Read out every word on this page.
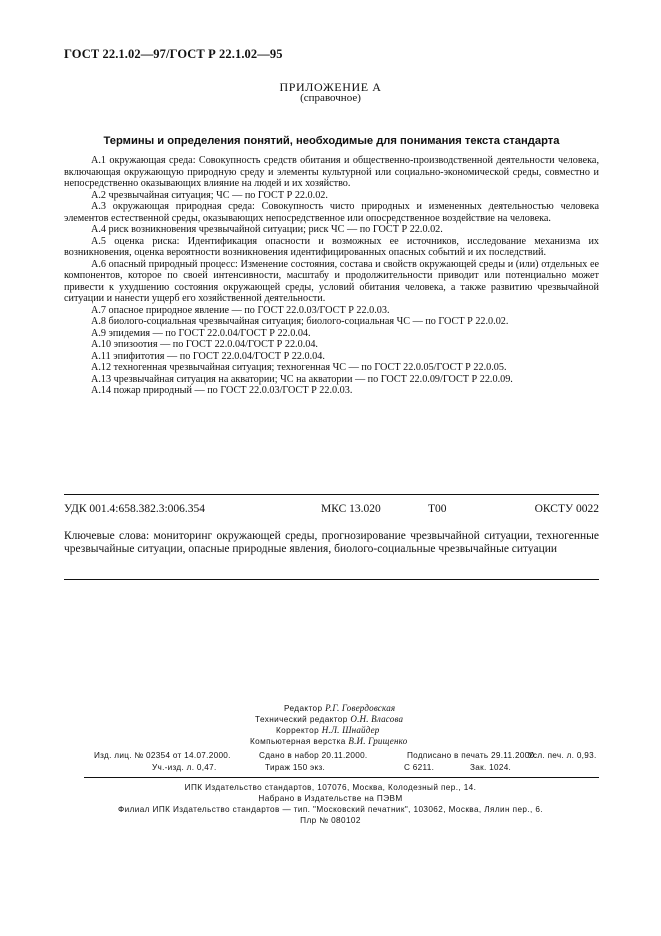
ГОСТ 22.1.02—97/ГОСТ Р 22.1.02—95
ПРИЛОЖЕНИЕ А
(справочное)
Термины и определения понятий, необходимые для понимания текста стандарта

А.1 окружающая среда: Совокупность средств обитания и общественно-производственной деятельности человека, включающая окружающую природную среду и элементы культурной или социально-экономической среды, совместно и непосредственно оказывающих влияние на людей и их хозяйство.

А.2 чрезвычайная ситуация; ЧС — по ГОСТ Р 22.0.02.

А.3 окружающая природная среда: Совокупность чисто природных и измененных деятельностью человека элементов естественной среды, оказывающих непосредственное или опосредственное воздействие на человека.

А.4 риск возникновения чрезвычайной ситуации; риск ЧС — по ГОСТ Р 22.0.02.

А.5 оценка риска: Идентификация опасности и возможных ее источников, исследование механизма их возникновения, оценка вероятности возникновения идентифицированных опасных событий и их последствий.

А.6 опасный природный процесс: Изменение состояния, состава и свойств окружающей среды и (или) отдельных ее компонентов, которое по своей интенсивности, масштабу и продолжительности приводит или потенциально может привести к ухудшению состояния окружающей среды, условий обитания человека, а также развитию чрезвычайной ситуации и нанести ущерб его хозяйственной деятельности.

А.7 опасное природное явление — по ГОСТ 22.0.03/ГОСТ Р 22.0.03.

А.8 биолого-социальная чрезвычайная ситуация; биолого-социальная ЧС — по ГОСТ Р 22.0.02.

А.9 эпидемия — по ГОСТ 22.0.04/ГОСТ Р 22.0.04.

А.10 эпизоотия — по ГОСТ 22.0.04/ГОСТ Р 22.0.04.

А.11 эпифитотия — по ГОСТ 22.0.04/ГОСТ Р 22.0.04.

А.12 техногенная чрезвычайная ситуация; техногенная ЧС — по ГОСТ 22.0.05/ГОСТ Р 22.0.05.

А.13 чрезвычайная ситуация на акватории; ЧС на акватории — по ГОСТ 22.0.09/ГОСТ Р 22.0.09.

А.14 пожар природный — по ГОСТ 22.0.03/ГОСТ Р 22.0.03.

УДК 001.4:658.382.3:006.354	МКС 13.020	Т00	ОКСТУ 0022
Ключевые слова: мониторинг окружающей среды, прогнозирование чрезвычайной ситуации, техногенные чрезвычайные ситуации, опасные природные явления, биолого-социальные чрезвычайные ситуации
Редактор Р.Г. Говердовская
Технический редактор О.Н. Власова
Корректор Н.Л. Шнайдер
Компьютерная верстка В.И. Грищенко
Изд. лиц. № 02354 от 14.07.2000.	Сдано в набор 20.11.2000.	Подписано в печать 29.11.2000.
Усл. печ. л. 0,93.
Уч.-изд. л. 0,47.	Тираж 150 экз.	С 6211.	Зак. 1024.
ИПК Издательство стандартов, 107076, Москва, Колодезный пер., 14.
Набрано в Издательстве на ПЭВМ
Филиал ИПК Издательство стандартов — тип. "Московский печатник", 103062, Москва, Лялин пер., 6.
Плр № 080102
